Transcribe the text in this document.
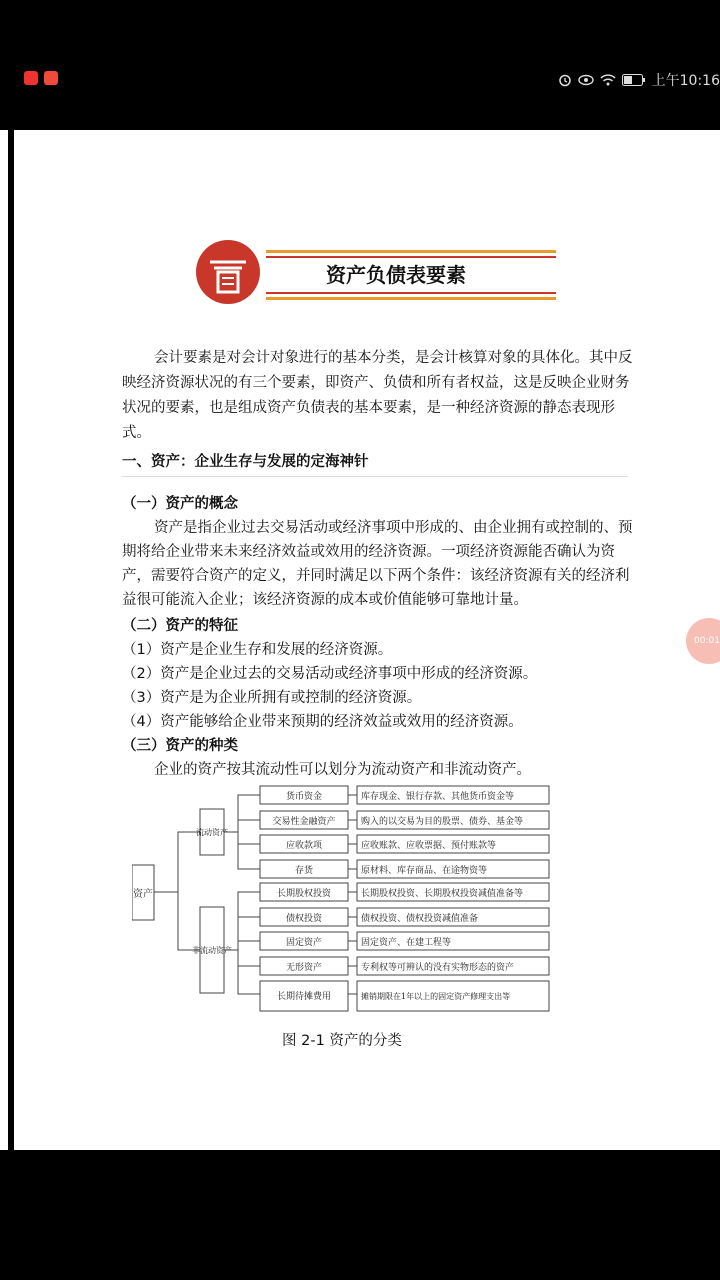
上午10:16
资产负债表要素
会计要素是对会计对象进行的基本分类，是会计核算对象的具体化。其中反映经济资源状况的有三个要素，即资产、负债和所有者权益，这是反映企业财务状况的要素，也是组成资产负债表的基本要素，是一种经济资源的静态表现形式。
一、资产：企业生存与发展的定海神针
（一）资产的概念
资产是指企业过去交易活动或经济事项中形成的、由企业拥有或控制的、预期将给企业带来未来经济效益或效用的经济资源。一项经济资源能否确认为资产，需要符合资产的定义，并同时满足以下两个条件：该经济资源有关的经济利益很可能流入企业；该经济资源的成本或价值能够可靠地计量。
（二）资产的特征
（1）资产是企业生存和发展的经济资源。
（2）资产是企业过去的交易活动或经济事项中形成的经济资源。
（3）资产是为企业所拥有或控制的经济资源。
（4）资产能够给企业带来预期的经济效益或效用的经济资源。
（三）资产的种类
企业的资产按其流动性可以划分为流动资产和非流动资产。
资产
流动资产
非流动资产
货币资金	库存现金、银行存款、其他货币资金等
交易性金融资产	购入的以交易为目的股票、债券、基金等
应收款项	应收账款、应收票据、预付账款等
存货	原材料、库存商品、在途物资等
长期股权投资	长期股权投资、长期股权投资减值准备等
债权投资	债权投资、债权投资减值准备
固定资产	固定资产、在建工程等
无形资产	专利权等可辨认的没有实物形态的资产
长期待摊费用	摊销期限在1年以上的固定资产修理支出等
图 2-1 资产的分类
00:01
